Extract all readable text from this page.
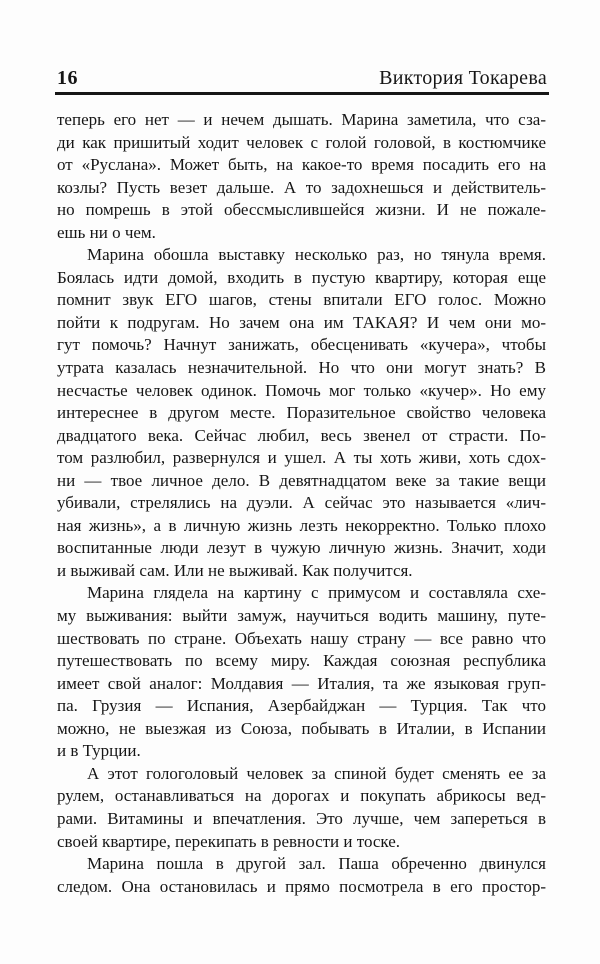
16	Виктория Токарева
теперь его нет — и нечем дышать. Марина заметила, что сза-
ди как пришитый ходит человек с голой головой, в костюмчике
от «Руслана». Может быть, на какое-то время посадить его на
козлы? Пусть везет дальше. А то задохнешься и действитель-
но помрешь в этой обессмыслившейся жизни. И не пожале-
ешь ни о чем.
Марина обошла выставку несколько раз, но тянула время.
Боялась идти домой, входить в пустую квартиру, которая еще
помнит звук ЕГО шагов, стены впитали ЕГО голос. Можно
пойти к подругам. Но зачем она им ТАКАЯ? И чем они мо-
гут помочь? Начнут занижать, обесценивать «кучера», чтобы
утрата казалась незначительной. Но что они могут знать? В
несчастье человек одинок. Помочь мог только «кучер». Но ему
интереснее в другом месте. Поразительное свойство человека
двадцатого века. Сейчас любил, весь звенел от страсти. По-
том разлюбил, развернулся и ушел. А ты хоть живи, хоть сдох-
ни — твое личное дело. В девятнадцатом веке за такие вещи
убивали, стрелялись на дуэли. А сейчас это называется «лич-
ная жизнь», а в личную жизнь лезть некорректно. Только плохо
воспитанные люди лезут в чужую личную жизнь. Значит, ходи
и выживай сам. Или не выживай. Как получится.
Марина глядела на картину с примусом и составляла схе-
му выживания: выйти замуж, научиться водить машину, путе-
шествовать по стране. Объехать нашу страну — все равно что
путешествовать по всему миру. Каждая союзная республика
имеет свой аналог: Молдавия — Италия, та же языковая груп-
па. Грузия — Испания, Азербайджан — Турция. Так что
можно, не выезжая из Союза, побывать в Италии, в Испании
и в Турции.
А этот гологоловый человек за спиной будет сменять ее за
рулем, останавливаться на дорогах и покупать абрикосы вед-
рами. Витамины и впечатления. Это лучше, чем запереться в
своей квартире, перекипать в ревности и тоске.
Марина пошла в другой зал. Паша обреченно двинулся
следом. Она остановилась и прямо посмотрела в его простор-
